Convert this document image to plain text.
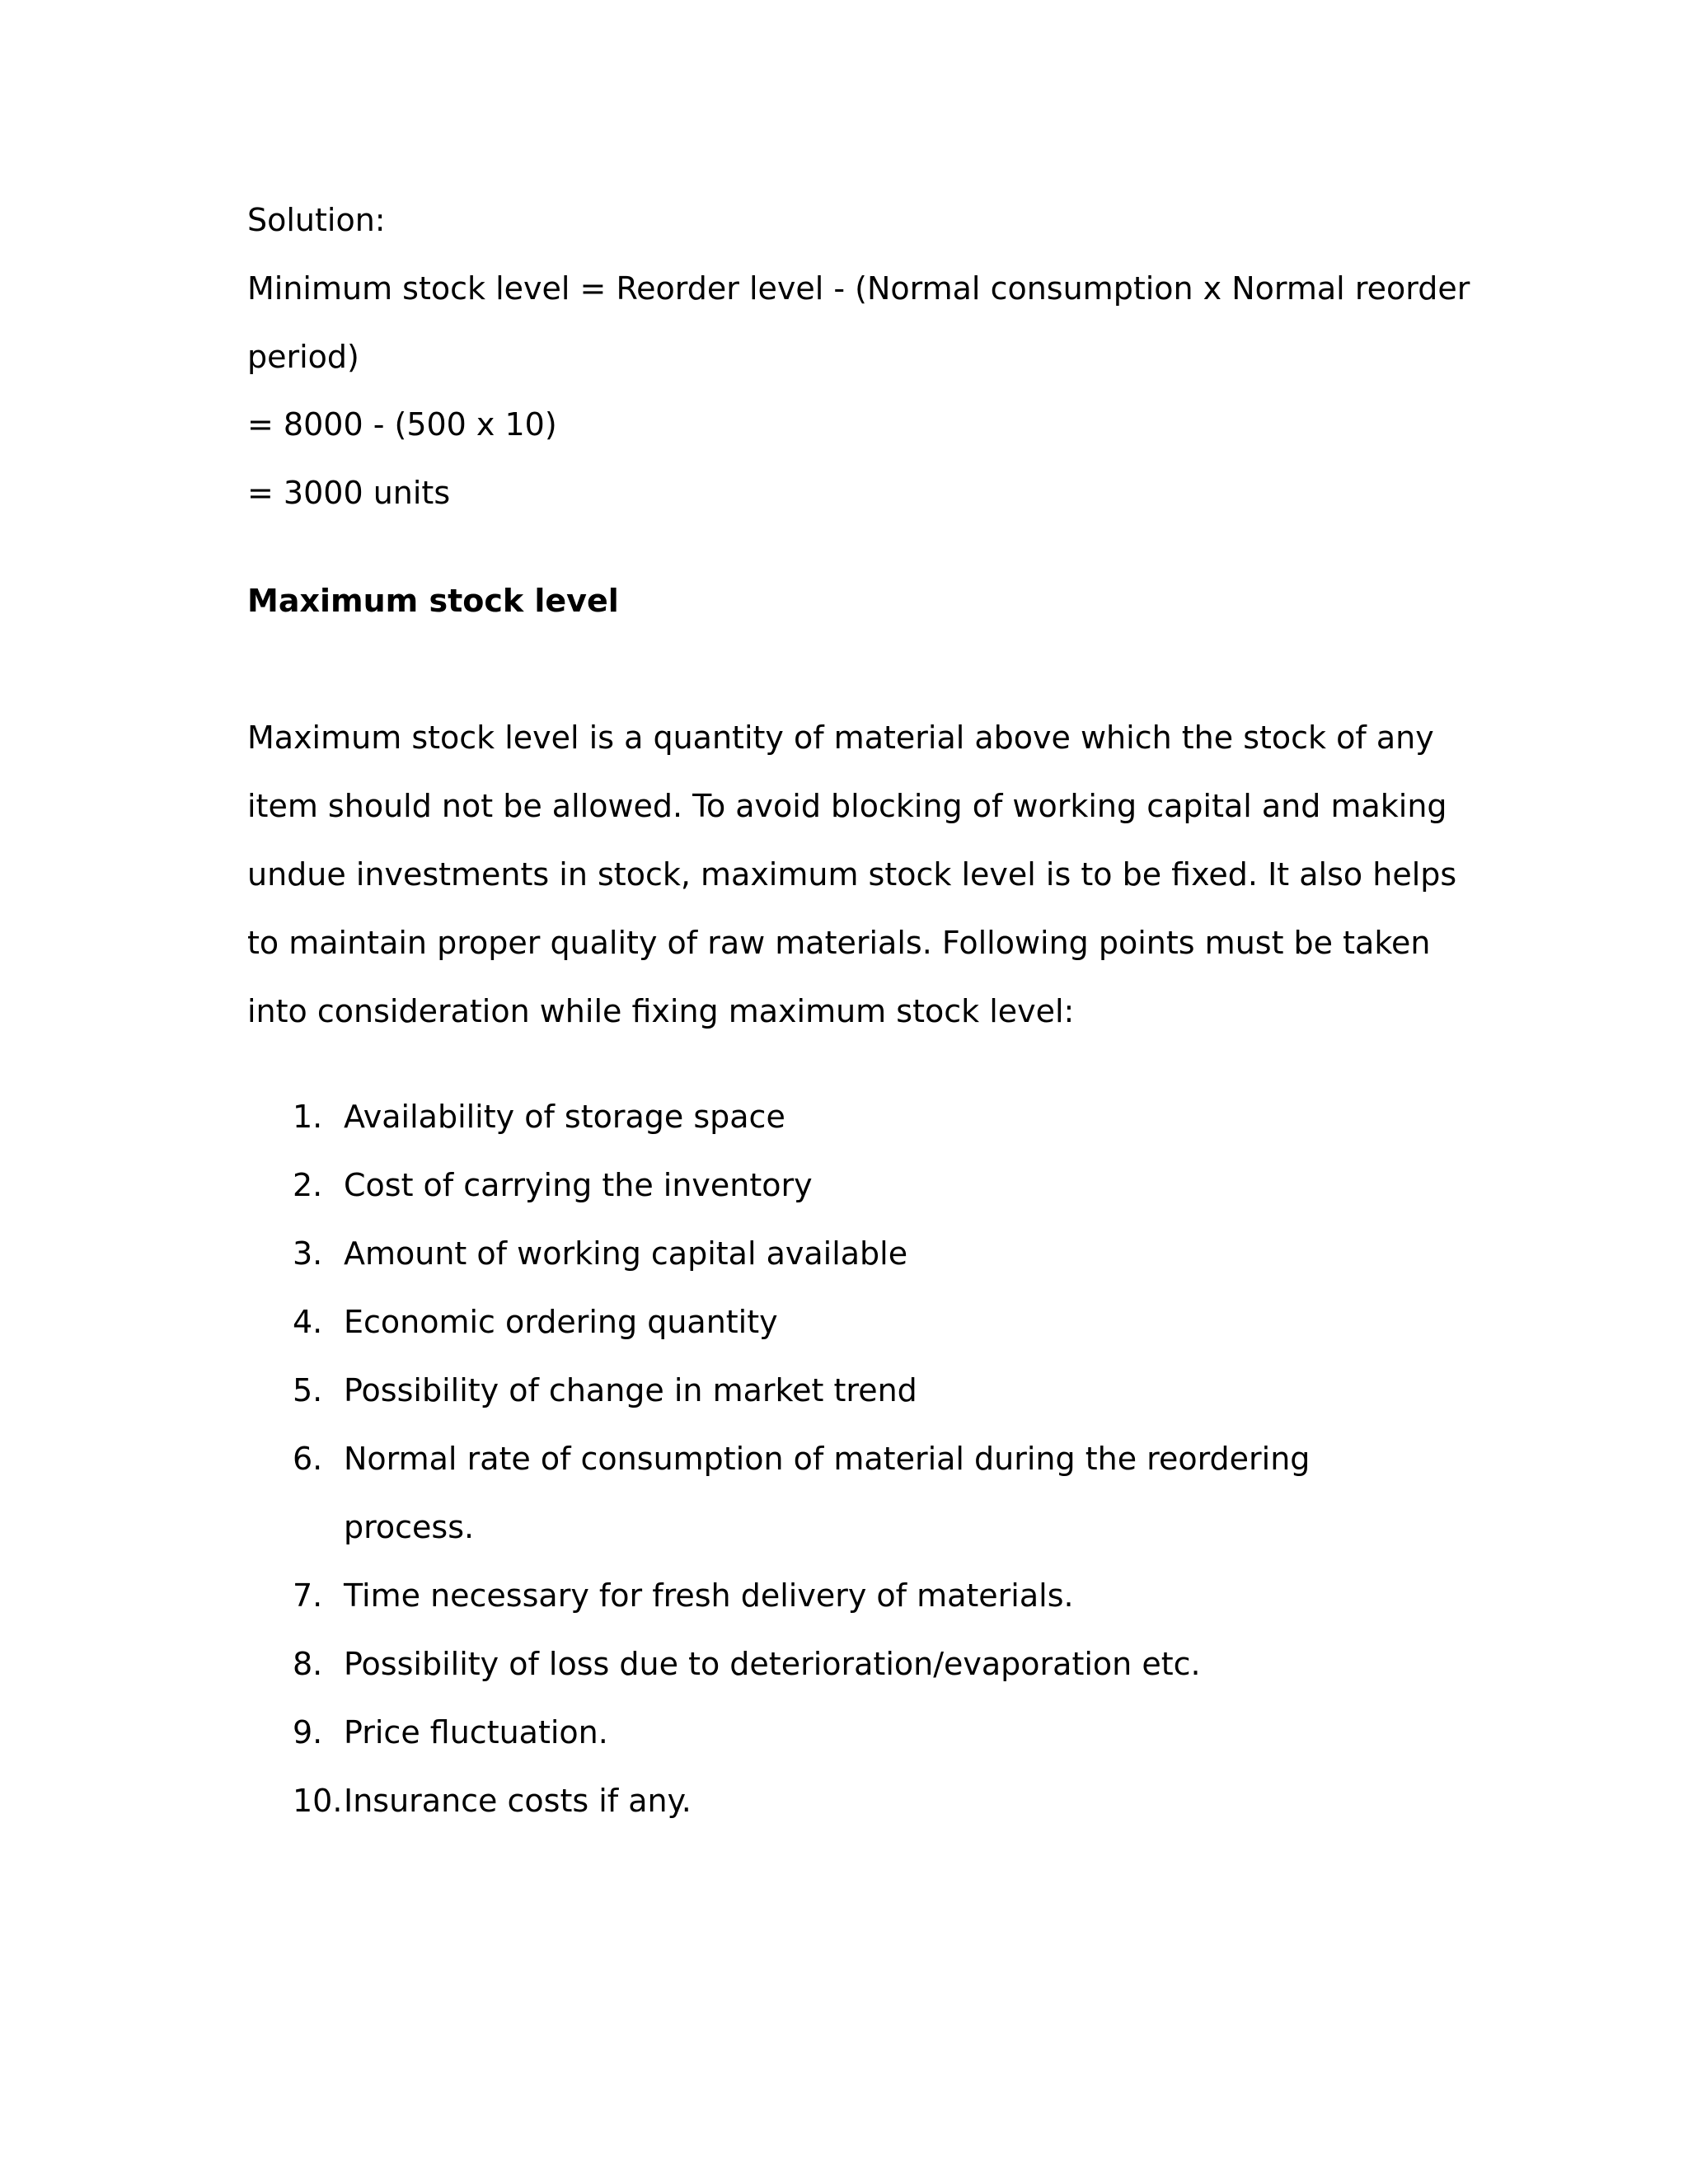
Solution:
Minimum stock level = Reorder level - (Normal consumption x Normal reorder
period)
= 8000 - (500 x 10)
= 3000 units
Maximum stock level
Maximum stock level is a quantity of material above which the stock of any
item should not be allowed. To avoid blocking of working capital and making
undue investments in stock, maximum stock level is to be fixed. It also helps
to maintain proper quality of raw materials. Following points must be taken
into consideration while fixing maximum stock level:
1. Availability of storage space
2. Cost of carrying the inventory
3. Amount of working capital available
4. Economic ordering quantity
5. Possibility of change in market trend
6. Normal rate of consumption of material during the reordering
process.
7. Time necessary for fresh delivery of materials.
8. Possibility of loss due to deterioration/evaporation etc.
9. Price fluctuation.
10. Insurance costs if any.
